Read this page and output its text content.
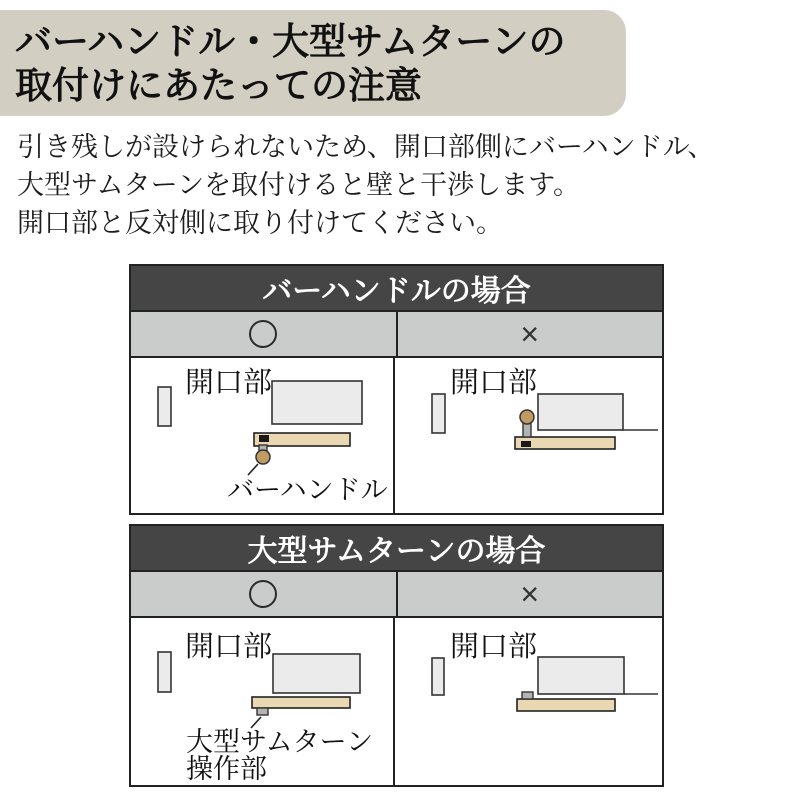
バーハンドル・大型サムターンの
取付けにあたっての注意
引き残しが設けられないため、開口部側にバーハンドル、
大型サムターンを取付けると壁と干渉します。
開口部と反対側に取り付けてください。
バーハンドルの場合
×
開口部
バーハンドル
開口部
大型サムターンの場合
×
開口部
大型サムターン
操作部
開口部
